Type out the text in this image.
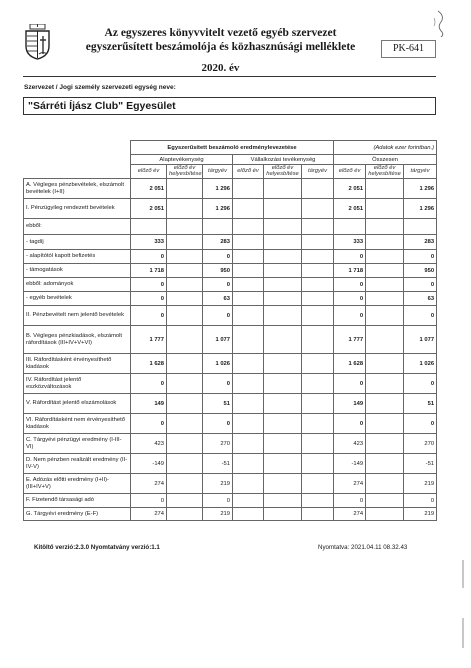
Az egyszeres könyvvitelt vezető egyéb szervezet
egyszerűsített beszámolója és közhasznúsági melléklete
2020. év
PK-641
Szervezet / Jogi személy szervezeti egység neve:
"Sárréti Íjász Club" Egyesület
	Egyszerűsített beszámoló eredménylevezetése						(Adatok ezer forintban.)		
	Alaptevékenység			Vállalkozási tevékenység			Összesen		
	előző év	előző év helyesbítése	tárgyév	előző év	előző év helyesbítése	tárgyév	előző év	előző év helyesbítése	tárgyév
A. Végleges pénzbevételek, elszámolt bevételek (I+II)	2 051		1 296				2 051		1 296
I. Pénzügyileg rendezett bevételek	2 051		1 296				2 051		1 296
ebből:									
- tagdíj	333		283				333		283
- alapítótól kapott befizetés	0		0				0		0
- támogatások	1 718		950				1 718		950
ebből: adományok	0		0				0		0
- egyéb bevételek	0		63				0		63
II. Pénzbevételt nem jelentő bevételek	0		0				0		0
B. Végleges pénzkiadások, elszámolt ráfordítások (III+IV+V+VI)	1 777		1 077				1 777		1 077
III. Ráfordításként érvényesíthető kiadások	1 628		1 026				1 628		1 026
IV. Ráfordítást jelentő eszközváltozások	0		0				0		0
V. Ráfordítást jelentő elszámolások	149		51				149		51
VI. Ráfordításként nem érvényesíthető kiadások	0		0				0		0
C. Tárgyévi pénzügyi eredmény (I-III-VI)	423		270				423		270
D. Nem pénzben realizált eredmény (II-IV-V)	-149		-51				-149		-51
E. Adózás előtti eredmény (I+II)-(III+IV+V)	274		219				274		219
F. Fizetendő társasági adó	0		0				0		0
G. Tárgyévi eredmény (E-F)	274		219				274		219
Kitöltő verzió:2.3.0 Nyomtatvány verzió:1.1	Nyomtatva: 2021.04.11 08.32.43
